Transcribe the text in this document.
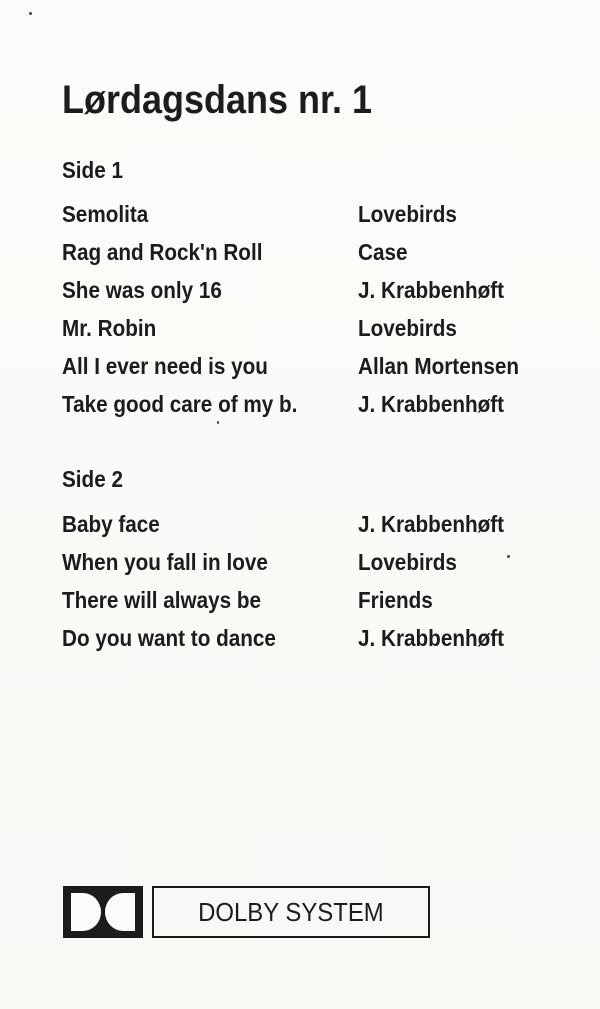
Lørdagsdans nr. 1
Side 1
Semolita	Lovebirds
Rag and Rock'n Roll	Case
She was only 16	J. Krabbenhøft
Mr. Robin	Lovebirds
All I ever need is you	Allan Mortensen
Take good care of my b.	J. Krabbenhøft
Side 2
Baby face	J. Krabbenhøft
When you fall in love	Lovebirds
There will always be	Friends
Do you want to dance	J. Krabbenhøft
DOLBY SYSTEM
